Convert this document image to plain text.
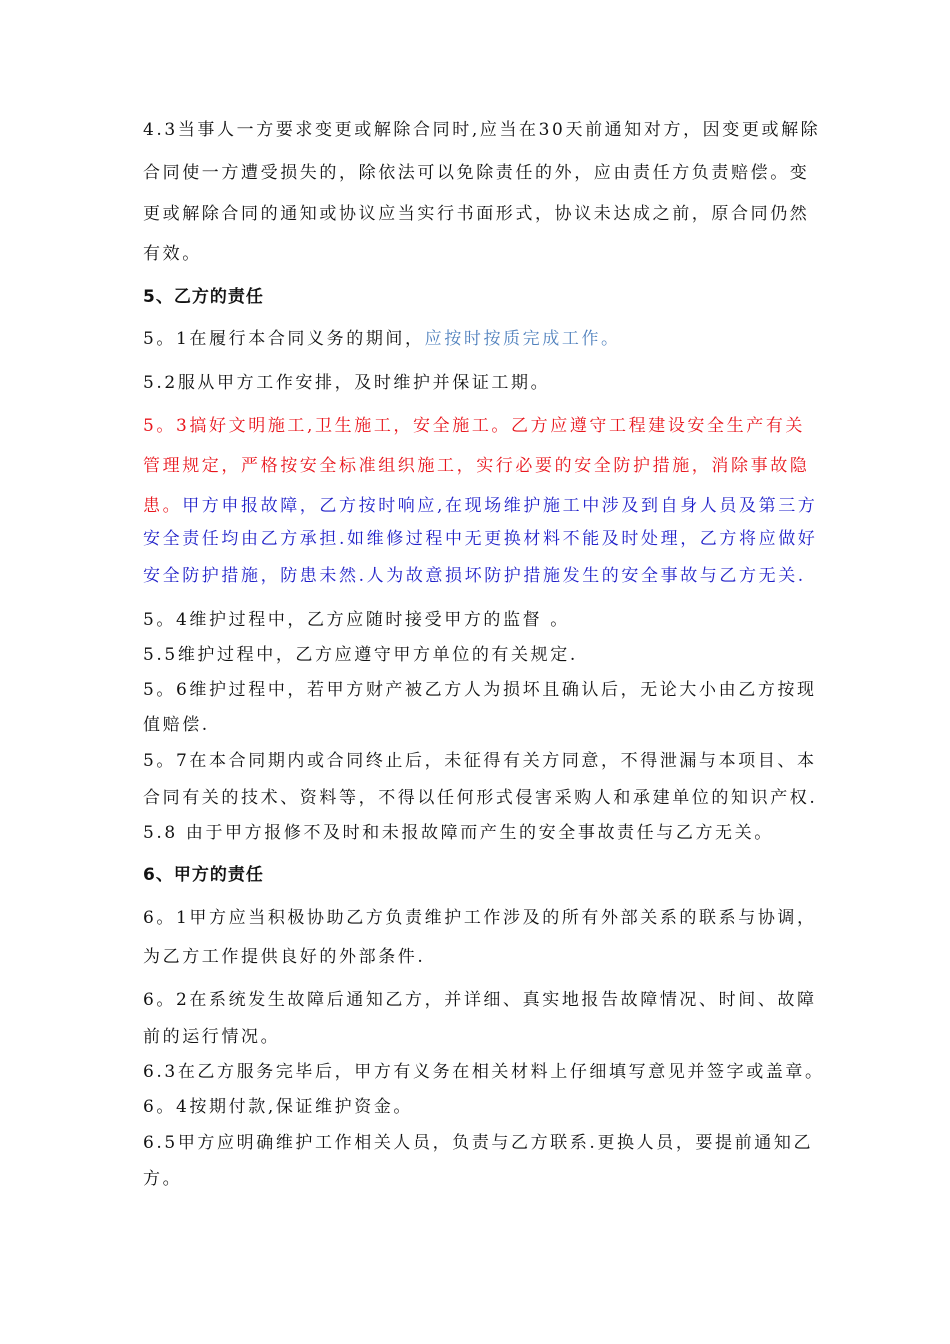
4.3当事人一方要求变更或解除合同时,应当在30天前通知对方，因变更或解除
合同使一方遭受损失的，除依法可以免除责任的外，应由责任方负责赔偿。变
更或解除合同的通知或协议应当实行书面形式，协议未达成之前，原合同仍然
有效。
5、乙方的责任
5。1在履行本合同义务的期间，应按时按质完成工作。
5.2服从甲方工作安排，及时维护并保证工期。
5。3搞好文明施工,卫生施工，安全施工。乙方应遵守工程建设安全生产有关
管理规定，严格按安全标准组织施工，实行必要的安全防护措施，消除事故隐
患。甲方申报故障，乙方按时响应,在现场维护施工中涉及到自身人员及第三方
安全责任均由乙方承担.如维修过程中无更换材料不能及时处理，乙方将应做好
安全防护措施，防患未然.人为故意损坏防护措施发生的安全事故与乙方无关.
5。4维护过程中，乙方应随时接受甲方的监督 。
5.5维护过程中，乙方应遵守甲方单位的有关规定.
5。6维护过程中，若甲方财产被乙方人为损坏且确认后，无论大小由乙方按现
值赔偿.
5。7在本合同期内或合同终止后，未征得有关方同意，不得泄漏与本项目、本
合同有关的技术、资料等，不得以任何形式侵害采购人和承建单位的知识产权.
5.8 由于甲方报修不及时和未报故障而产生的安全事故责任与乙方无关。
6、甲方的责任
6。1甲方应当积极协助乙方负责维护工作涉及的所有外部关系的联系与协调，
为乙方工作提供良好的外部条件.
6。2在系统发生故障后通知乙方，并详细、真实地报告故障情况、时间、故障
前的运行情况。
6.3在乙方服务完毕后，甲方有义务在相关材料上仔细填写意见并签字或盖章。
6。4按期付款,保证维护资金。
6.5甲方应明确维护工作相关人员，负责与乙方联系.更换人员，要提前通知乙
方。
